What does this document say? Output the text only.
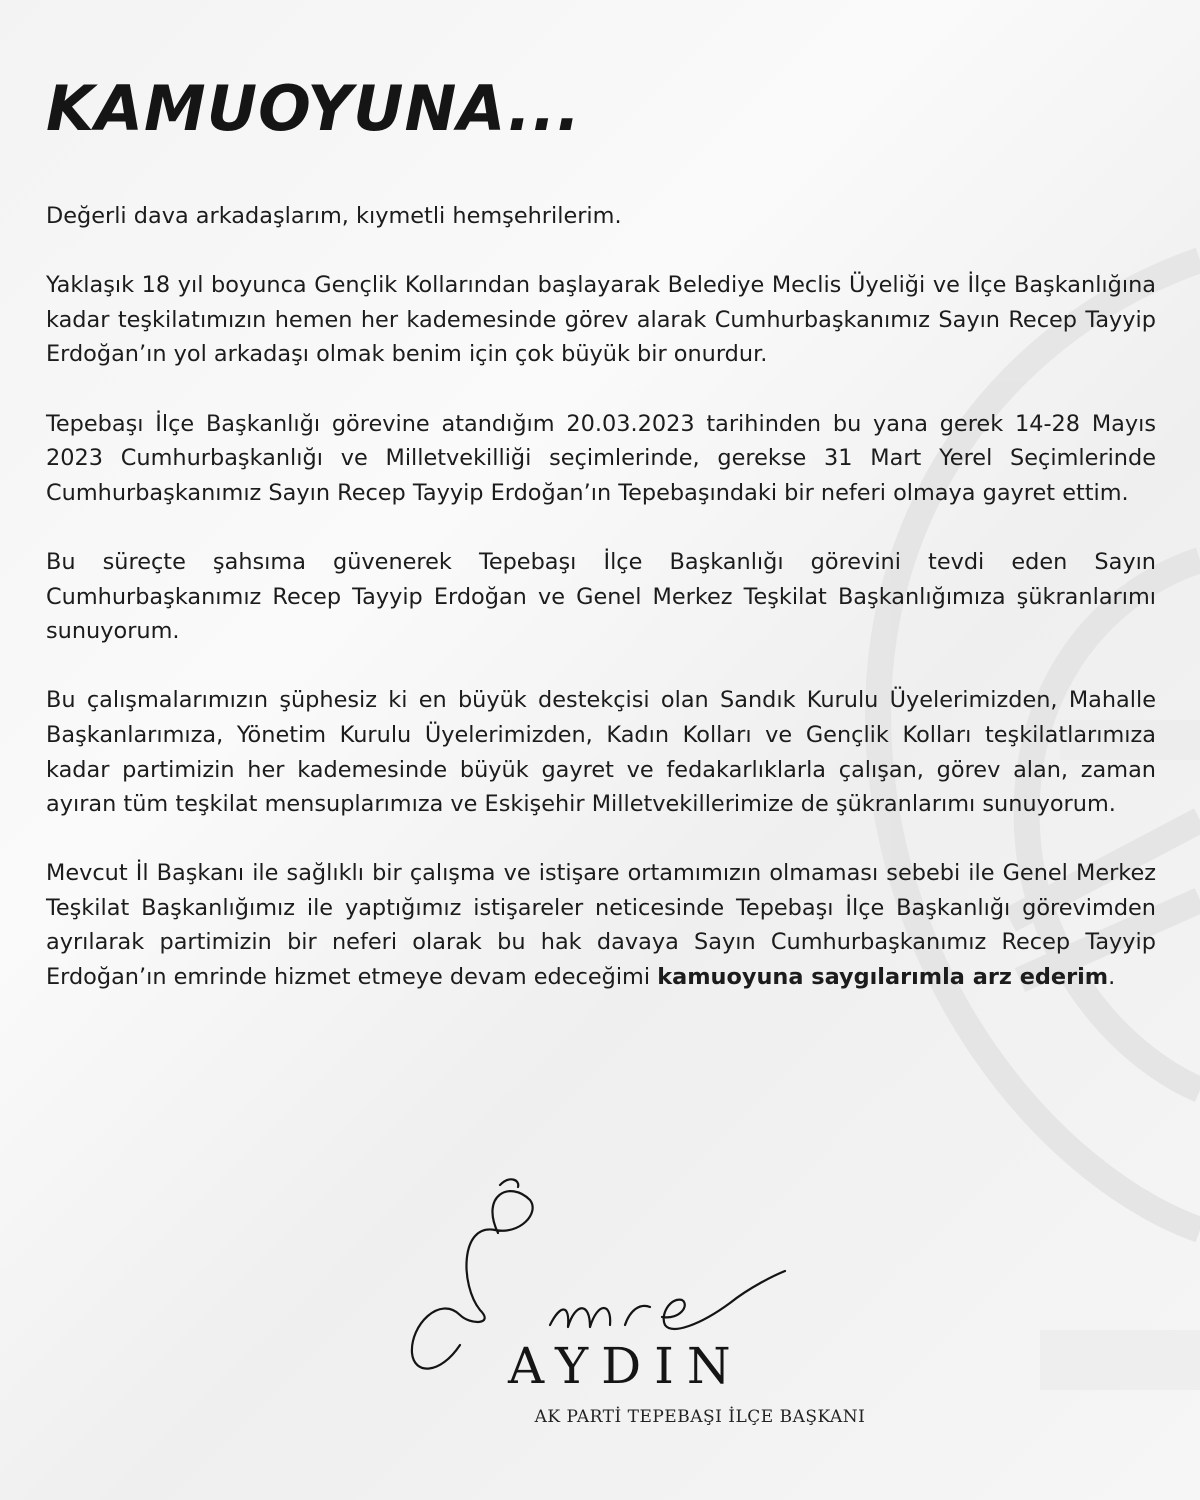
KAMUOYUNA...

Değerli dava arkadaşlarım, kıymetli hemşehrilerim.

Yaklaşık 18 yıl boyunca Gençlik Kollarından başlayarak Belediye Meclis Üyeliği ve İlçe Başkanlığına kadar teşkilatımızın hemen her kademesinde görev alarak Cumhurbaşkanımız Sayın Recep Tayyip Erdoğan’ın yol arkadaşı olmak benim için çok büyük bir onurdur.

Tepebaşı İlçe Başkanlığı görevine atandığım 20.03.2023 tarihinden bu yana gerek 14-28 Mayıs 2023 Cumhurbaşkanlığı ve Milletvekilliği seçimlerinde, gerekse 31 Mart Yerel Seçimlerinde Cumhurbaşkanımız Sayın Recep Tayyip Erdoğan’ın Tepebaşındaki bir neferi olmaya gayret ettim.

Bu süreçte şahsıma güvenerek Tepebaşı İlçe Başkanlığı görevini tevdi eden Sayın Cumhurbaşkanımız Recep Tayyip Erdoğan ve Genel Merkez Teşkilat Başkanlığımıza şükranlarımı sunuyorum.

Bu çalışmalarımızın şüphesiz ki en büyük destekçisi olan Sandık Kurulu Üyelerimizden, Mahalle Başkanlarımıza, Yönetim Kurulu Üyelerimizden, Kadın Kolları ve Gençlik Kolları teşkilatlarımıza kadar partimizin her kademesinde büyük gayret ve fedakarlıklarla çalışan, görev alan, zaman ayıran tüm teşkilat mensuplarımıza ve Eskişehir Milletvekillerimize de şükranlarımı sunuyorum.

Mevcut İl Başkanı ile sağlıklı bir çalışma ve istişare ortamımızın olmaması sebebi ile Genel Merkez Teşkilat Başkanlığımız ile yaptığımız istişareler neticesinde Tepebaşı İlçe Başkanlığı görevimden ayrılarak partimizin bir neferi olarak bu hak davaya Sayın Cumhurbaşkanımız Recep Tayyip Erdoğan’ın emrinde hizmet etmeye devam edeceğimi kamuoyuna saygılarımla arz ederim.

AYDIN
AK PARTİ TEPEBAŞI İLÇE BAŞKANI
